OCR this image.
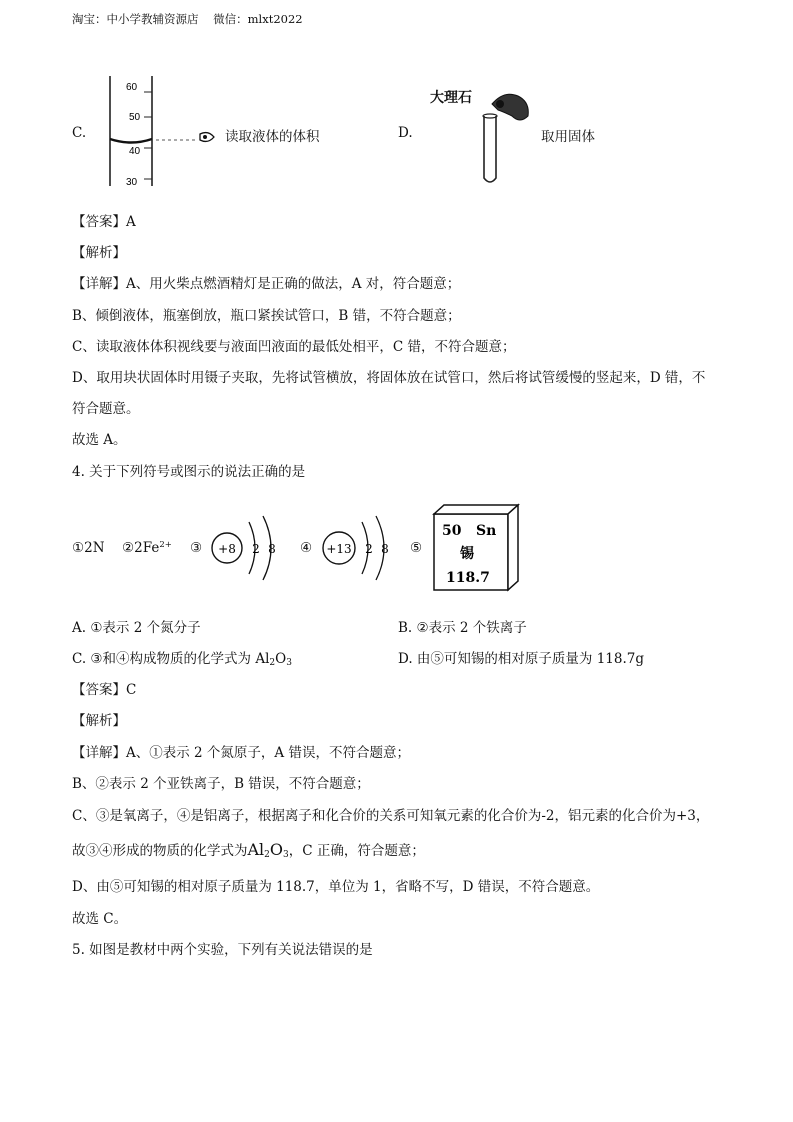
淘宝：中小学教辅资源店 微信：mlxt2022
C.
60
50
40
30
读取液体的体积	D.
大理石
取用固体
【答案】A
【解析】
【详解】A、用火柴点燃酒精灯是正确的做法，A 对，符合题意；
B、倾倒液体，瓶塞倒放，瓶口紧挨试管口，B 错，不符合题意；
C、读取液体体积视线要与液面凹液面的最低处相平，C 错，不符合题意；
D、取用块状固体时用镊子夹取，先将试管横放，将固体放在试管口，然后将试管缓慢的竖起来，D 错，不
符合题意。
故选 A。
4. 关于下列符号或图示的说法正确的是
①2N $②2Fe^{2+}$ ③ +8 2 8 ④ +13 2 8 ⑤
50 Sn
锡
118.7
A. ①表示 2 个氮分子	B. ②表示 2 个铁离子
C. ③和④构成物质的化学式为 $Al_2O_3$	D. 由⑤可知锡的相对原子质量为 118.7g
【答案】C
【解析】
【详解】A、①表示 2 个氮原子，A 错误，不符合题意；
B、②表示 2 个亚铁离子，B 错误，不符合题意；
C、③是氧离子，④是铝离子，根据离子和化合价的关系可知氧元素的化合价为-2，铝元素的化合价为+3，
故③④形成的物质的化学式为$Al_2O_3$，C 正确，符合题意；
D、由⑤可知锡的相对原子质量为 118.7，单位为 1，省略不写，D 错误，不符合题意。
故选 C。
5. 如图是教材中两个实验，下列有关说法错误的是
